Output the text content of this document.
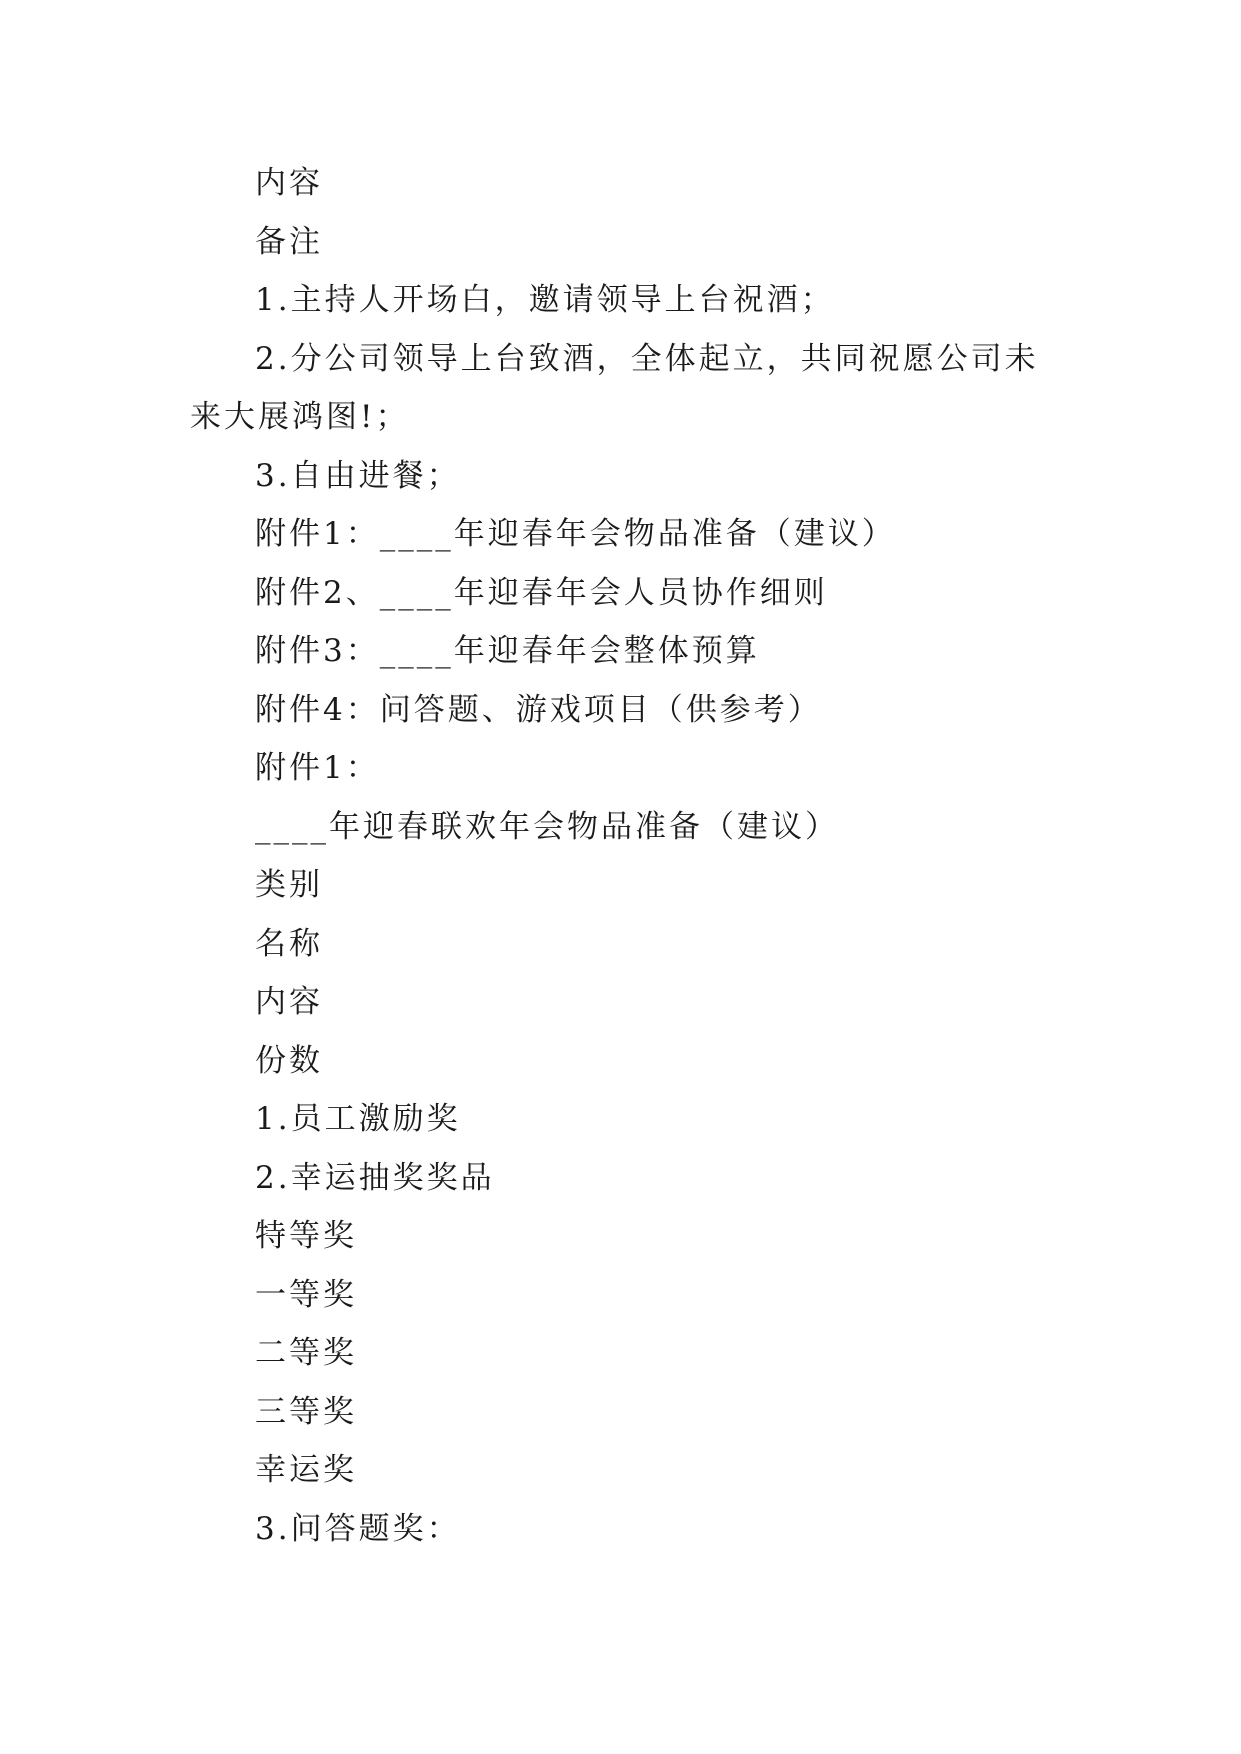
内容

备注

1.主持人开场白，邀请领导上台祝酒；

2.分公司领导上台致酒，全体起立，共同祝愿公司未来大展鸿图!；

3.自由进餐；

附件1：____年迎春年会物品准备（建议）

附件2、____年迎春年会人员协作细则

附件3：____年迎春年会整体预算

附件4：问答题、游戏项目（供参考）

附件1：

____年迎春联欢年会物品准备（建议）

类别

名称

内容

份数

1.员工激励奖

2.幸运抽奖奖品

特等奖

一等奖

二等奖

三等奖

幸运奖

3.问答题奖：
